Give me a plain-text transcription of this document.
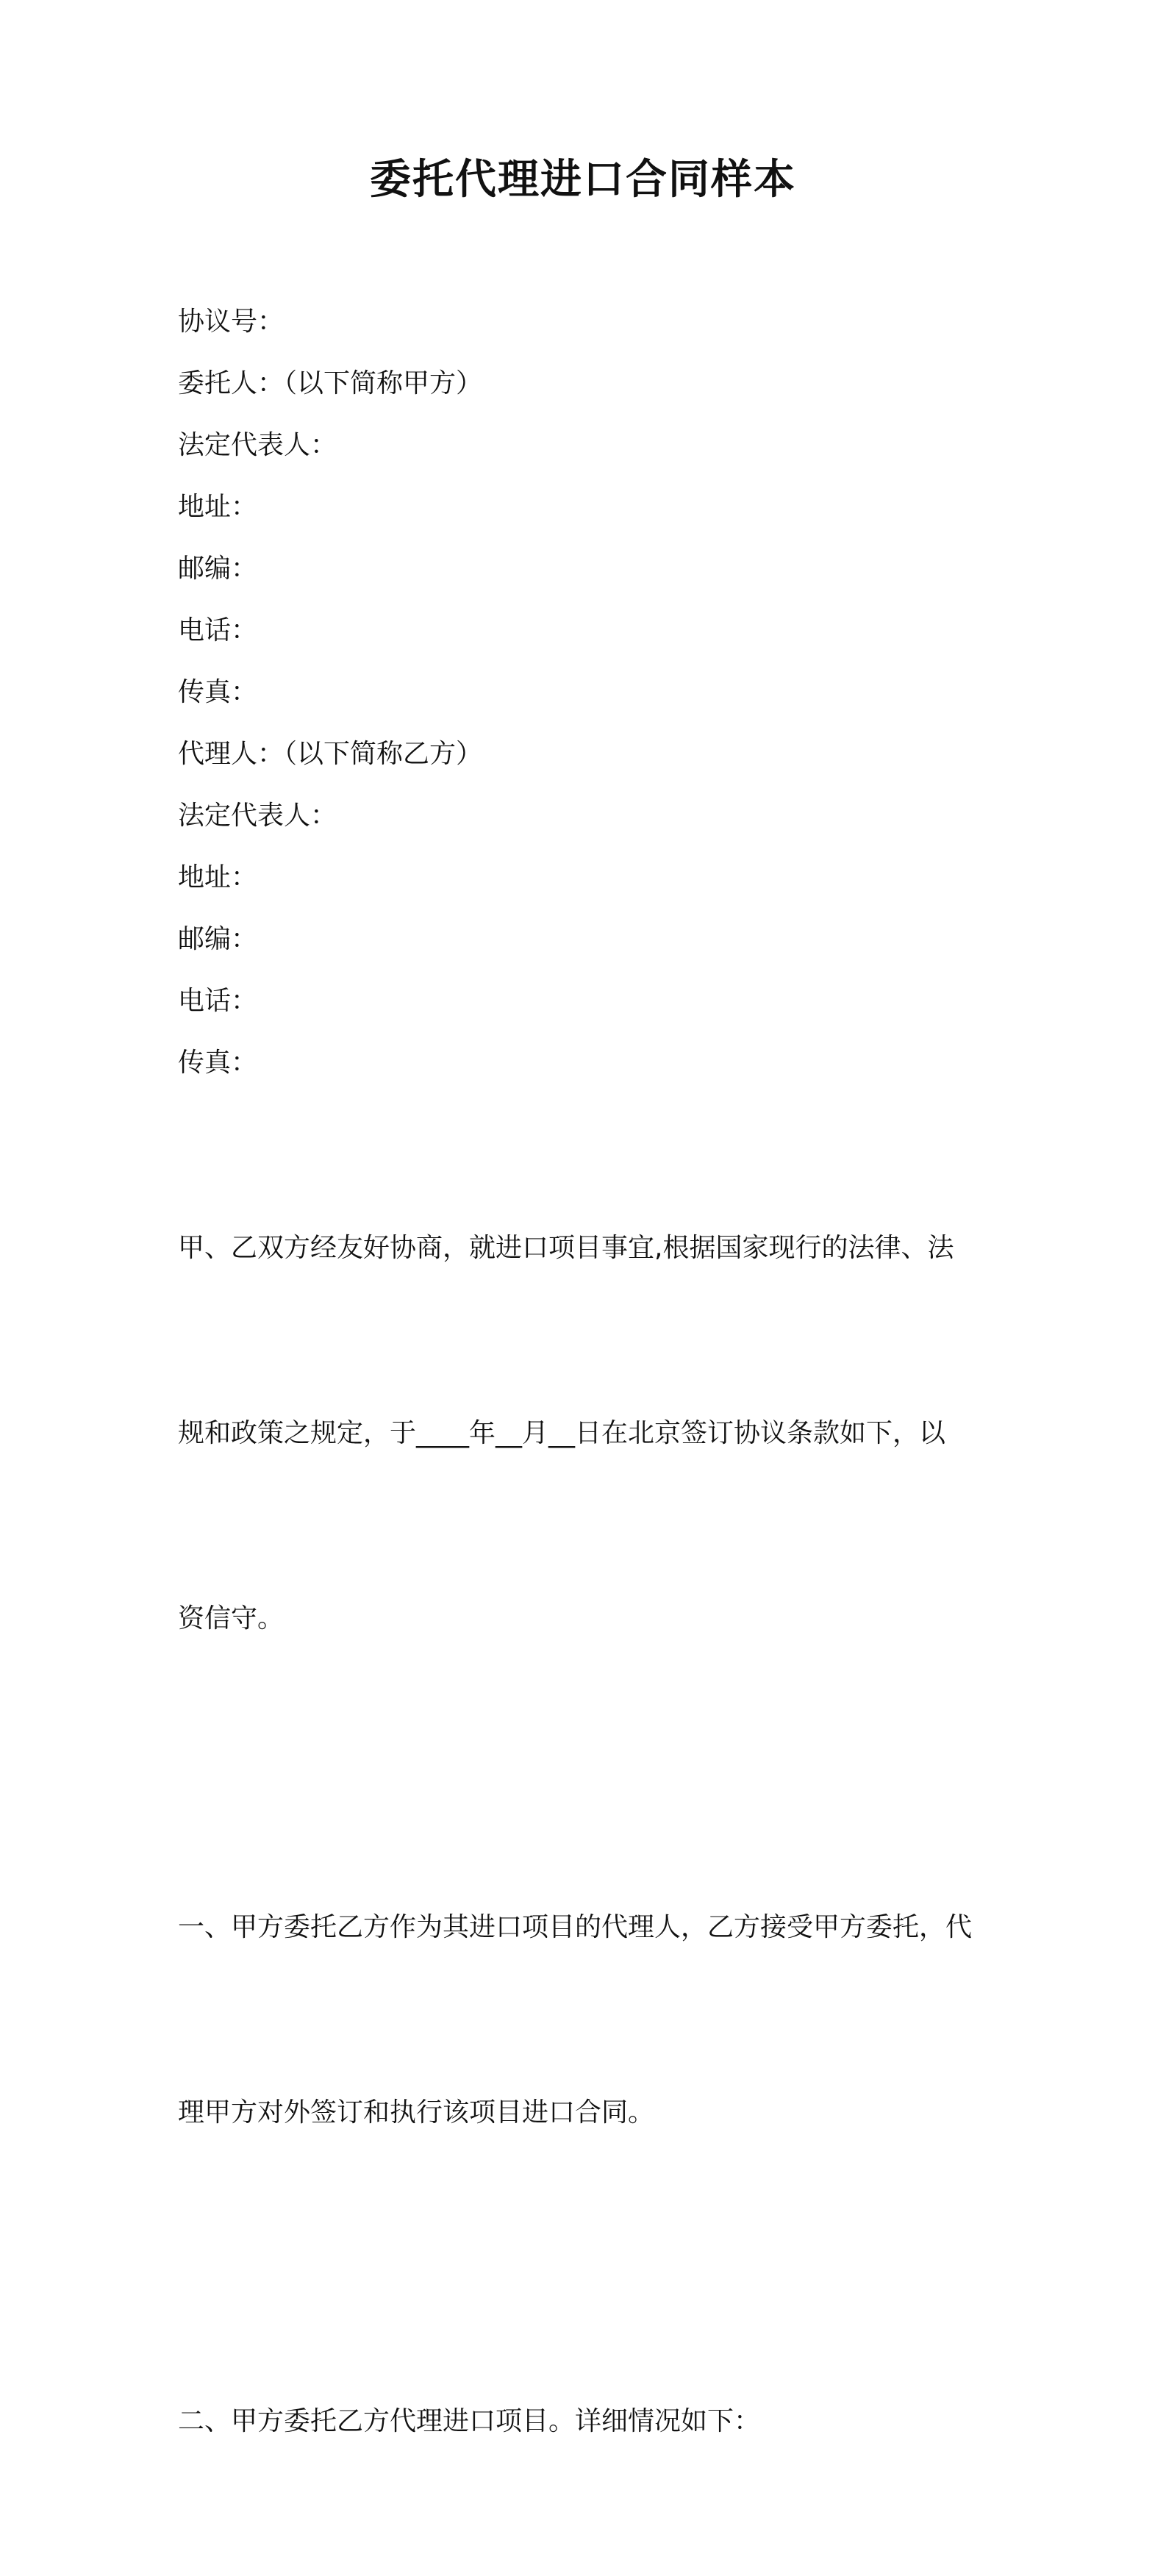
委托代理进口合同样本

协议号：

委托人：（以下简称甲方）

法定代表人：

地址：

邮编：

电话：

传真：

代理人：（以下简称乙方）

法定代表人：

地址：

邮编：

电话：

传真：

甲、乙双方经友好协商，就进口项目事宜,根据国家现行的法律、法

规和政策之规定，于____年__月__日在北京签订协议条款如下，以

资信守。

一、甲方委托乙方作为其进口项目的代理人，乙方接受甲方委托，代

理甲方对外签订和执行该项目进口合同。

二、甲方委托乙方代理进口项目。详细情况如下：
